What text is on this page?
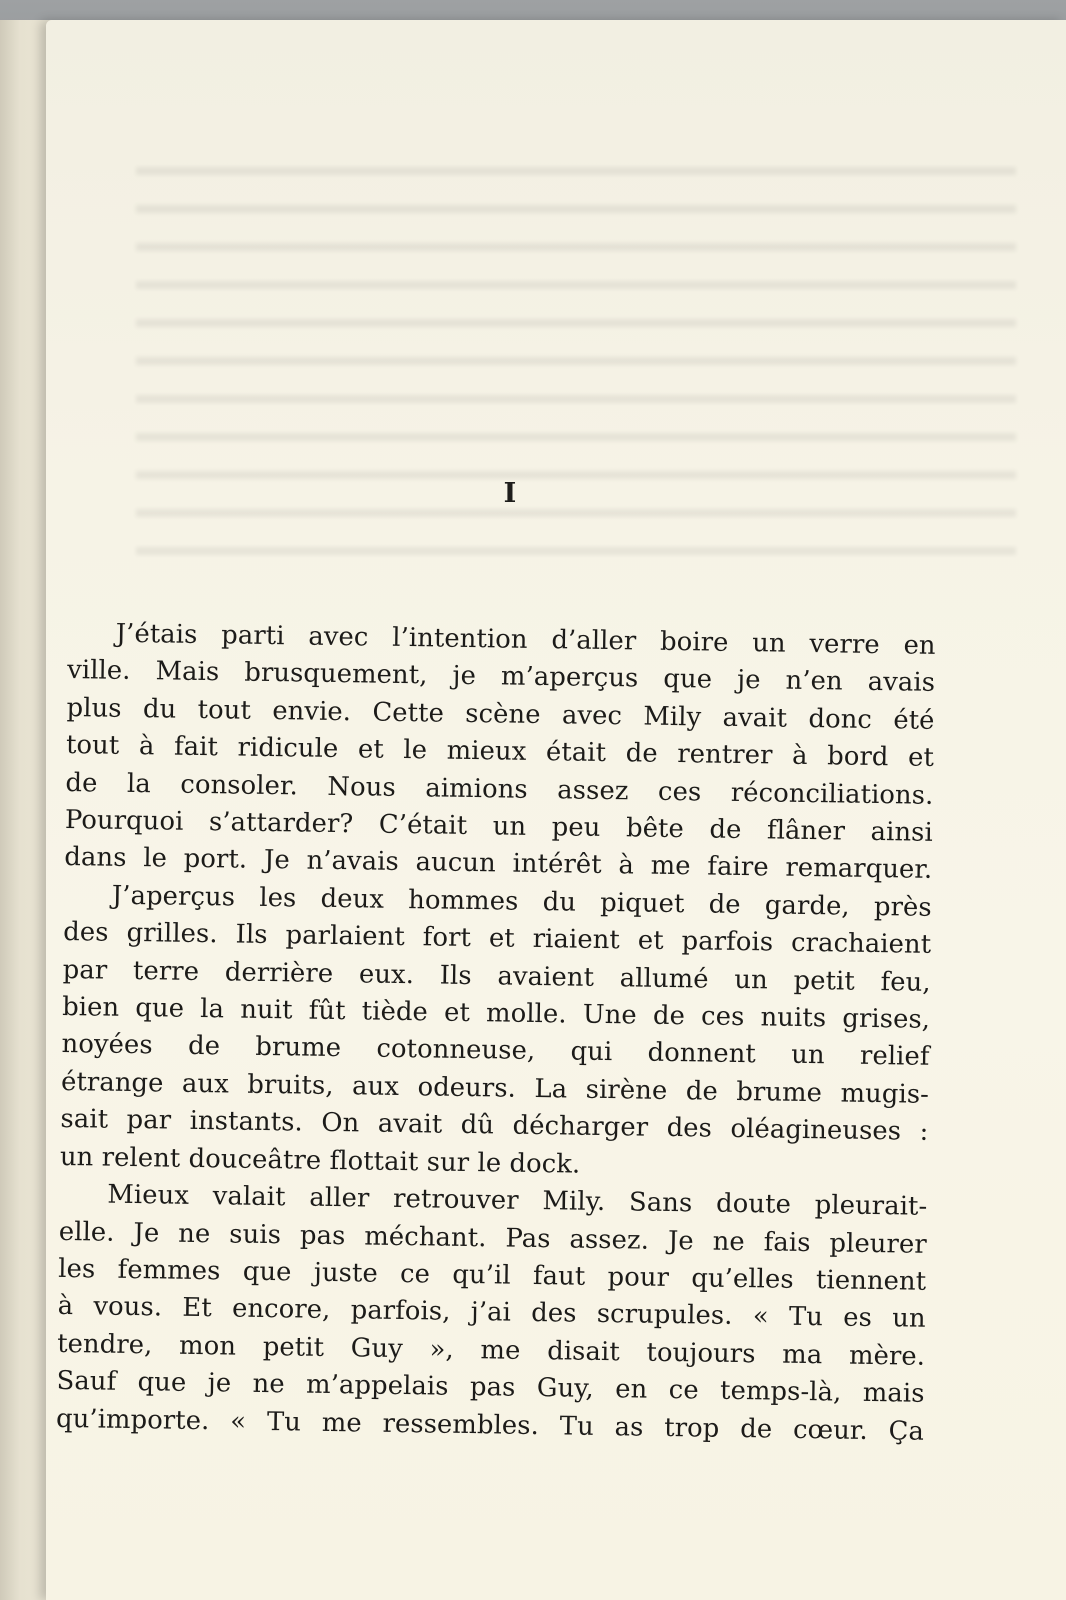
I

J’étais parti avec l’intention d’aller boire un verre en
ville. Mais brusquement, je m’aperçus que je n’en avais
plus du tout envie. Cette scène avec Mily avait donc été
tout à fait ridicule et le mieux était de rentrer à bord et
de la consoler. Nous aimions assez ces réconciliations.
Pourquoi s’attarder? C’était un peu bête de flâner ainsi
dans le port. Je n’avais aucun intérêt à me faire remarquer.

J’aperçus les deux hommes du piquet de garde, près
des grilles. Ils parlaient fort et riaient et parfois crachaient
par terre derrière eux. Ils avaient allumé un petit feu,
bien que la nuit fût tiède et molle. Une de ces nuits grises,
noyées de brume cotonneuse, qui donnent un relief
étrange aux bruits, aux odeurs. La sirène de brume mugis-
sait par instants. On avait dû décharger des oléagineuses :
un relent douceâtre flottait sur le dock.

Mieux valait aller retrouver Mily. Sans doute pleurait-
elle. Je ne suis pas méchant. Pas assez. Je ne fais pleurer
les femmes que juste ce qu’il faut pour qu’elles tiennent
à vous. Et encore, parfois, j’ai des scrupules. « Tu es un
tendre, mon petit Guy », me disait toujours ma mère.
Sauf que je ne m’appelais pas Guy, en ce temps-là, mais
qu’importe. « Tu me ressembles. Tu as trop de cœur. Ça
